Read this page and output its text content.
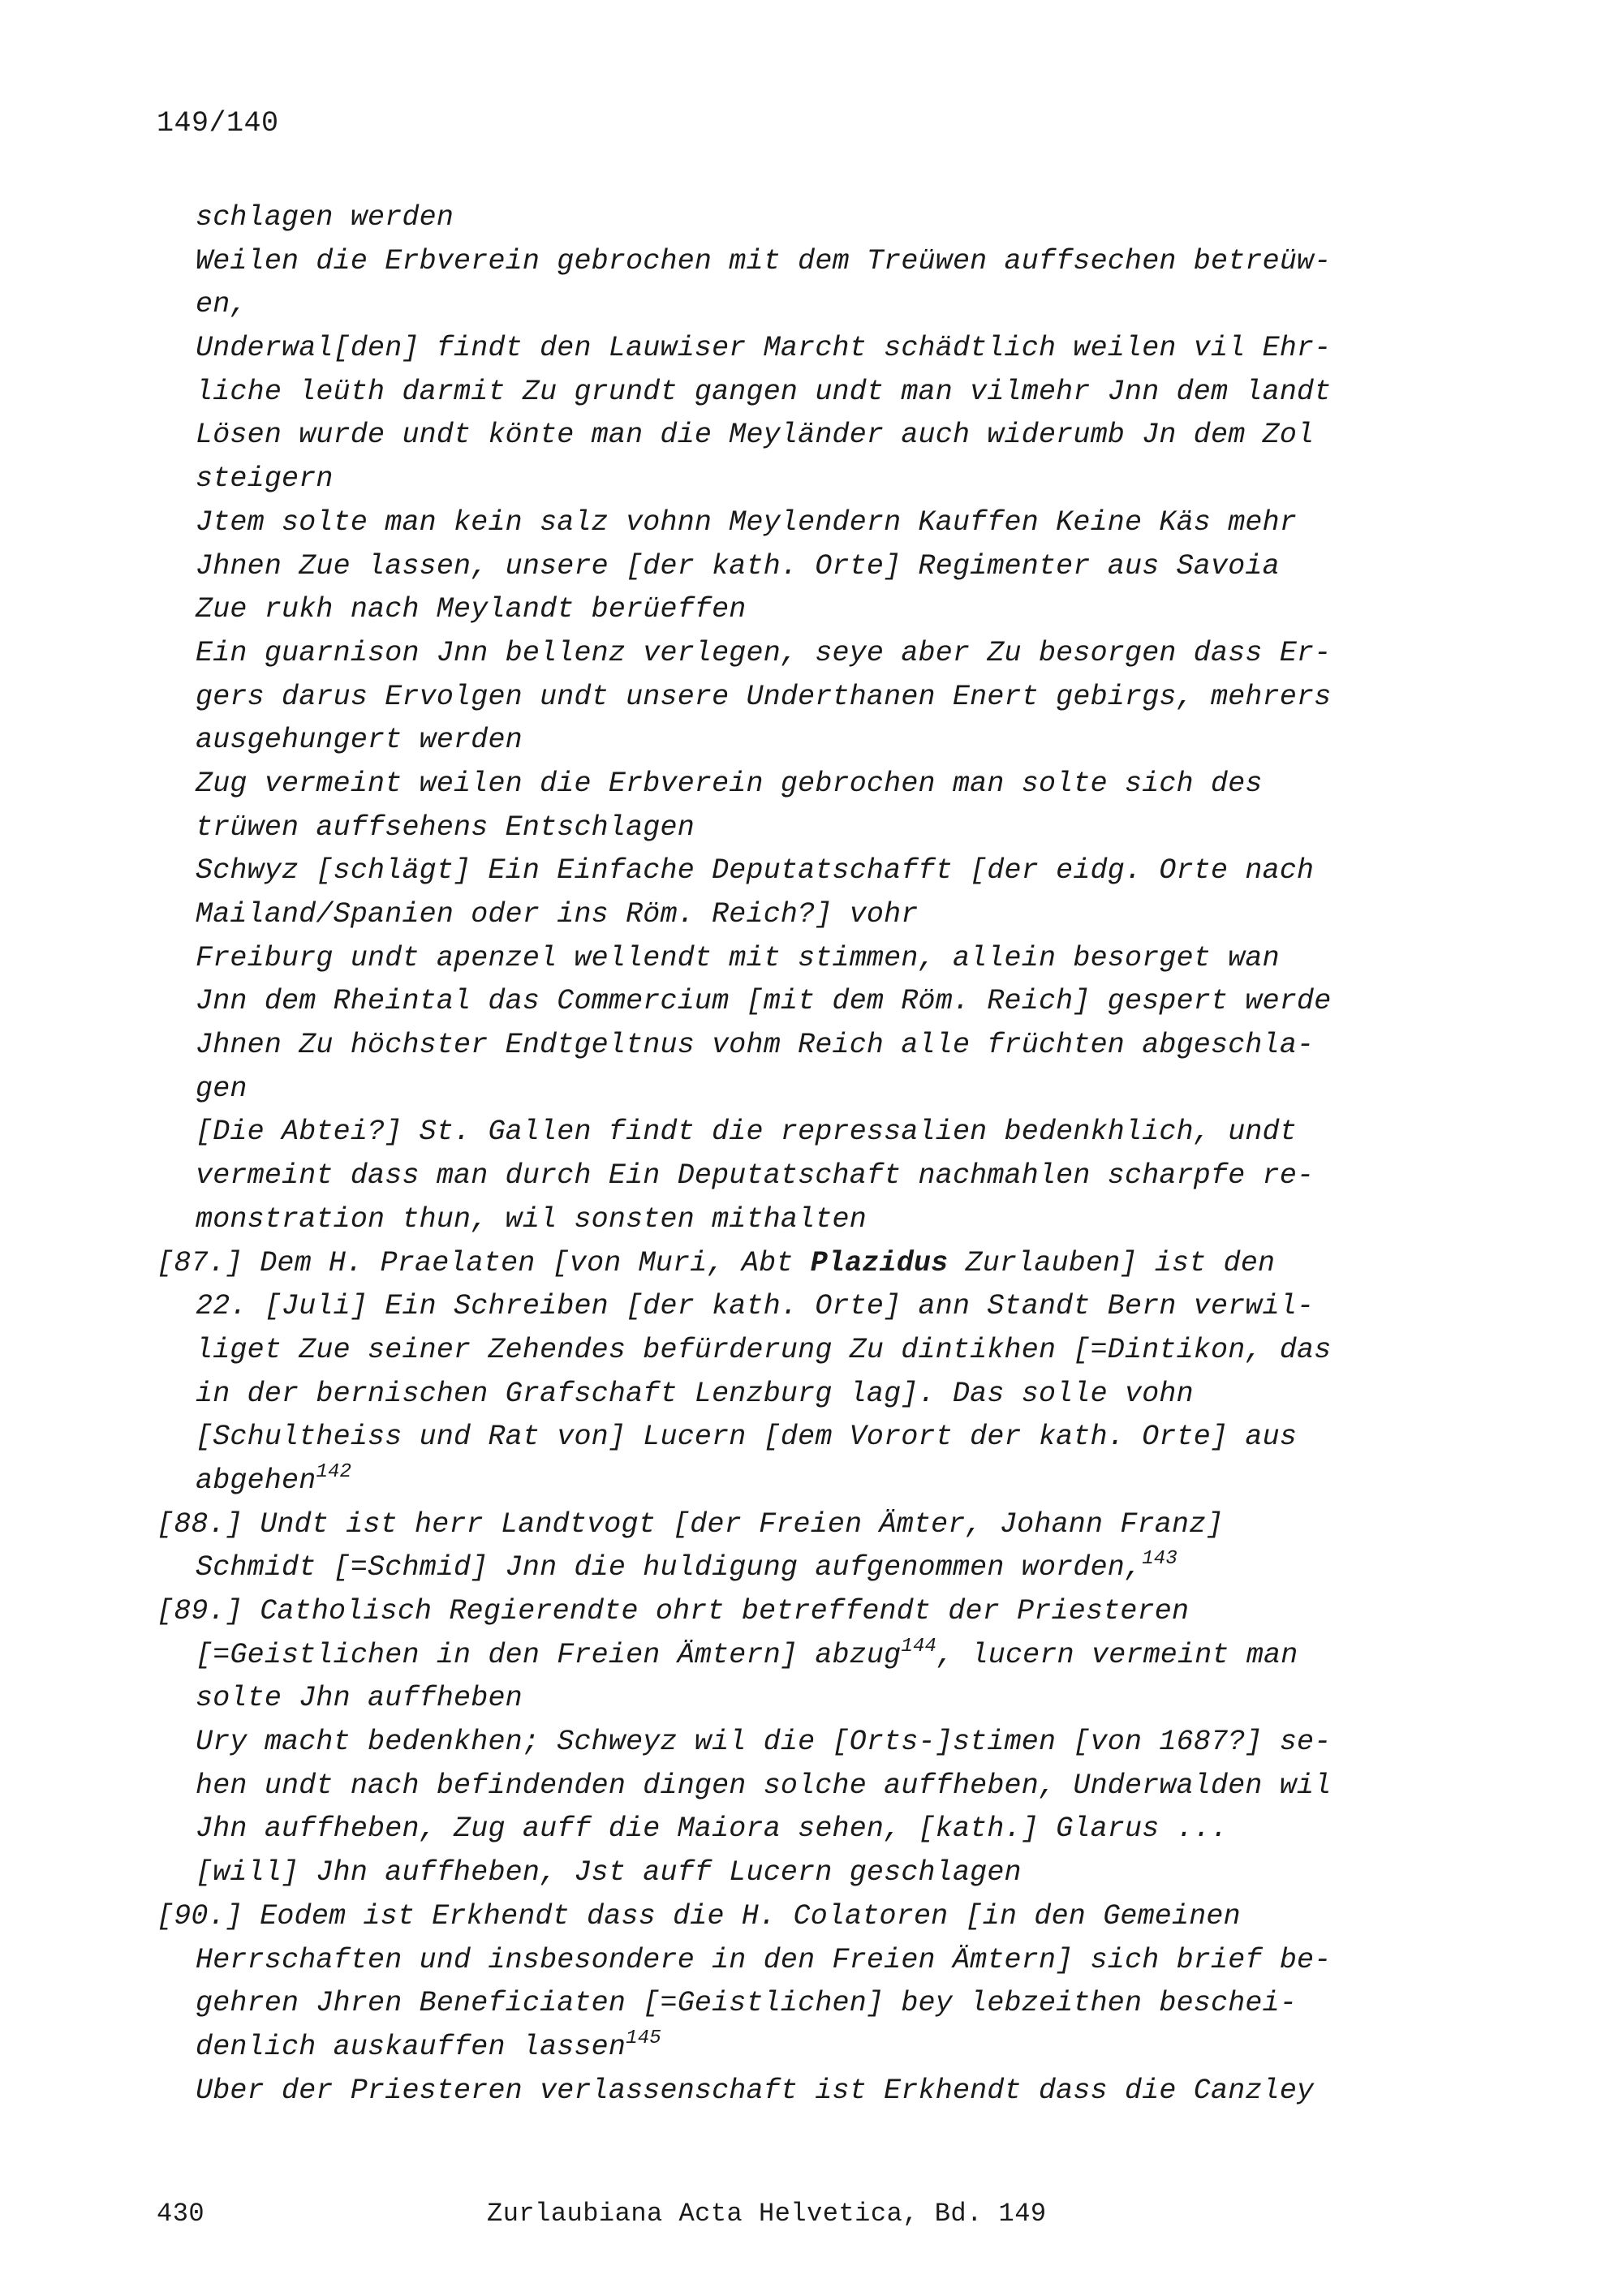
149/140
schlagen werden
Weilen die Erbverein gebrochen mit dem Treüwen auffsechen betreüw-
en,
Underwal[den] findt den Lauwiser Marcht schädtlich weilen vil Ehr-
liche leüth darmit Zu grundt gangen undt man vilmehr Jnn dem landt
Lösen wurde undt könte man die Meyländer auch widerumb Jn dem Zol
steigern
Jtem solte man kein salz vohnn Meylendern Kauffen Keine Käs mehr
Jhnen Zue lassen, unsere [der kath. Orte] Regimenter aus Savoia
Zue rukh nach Meylandt berüeffen
Ein guarnison Jnn bellenz verlegen, seye aber Zu besorgen dass Er-
gers darus Ervolgen undt unsere Underthanen Enert gebirgs, mehrers
ausgehungert werden
Zug vermeint weilen die Erbverein gebrochen man solte sich des
trüwen auffsehens Entschlagen
Schwyz [schlägt] Ein Einfache Deputatschafft [der eidg. Orte nach
Mailand/Spanien oder ins Röm. Reich?] vohr
Freiburg undt apenzel wellendt mit stimmen, allein besorget wan
Jnn dem Rheintal das Commercium [mit dem Röm. Reich] gespert werde
Jhnen Zu höchster Endtgeltnus vohm Reich alle früchten abgeschla-
gen
[Die Abtei?] St. Gallen findt die repressalien bedenkhlich, undt
vermeint dass man durch Ein Deputatschaft nachmahlen scharpfe re-
monstration thun, wil sonsten mithalten
[87.] Dem H. Praelaten [von Muri, Abt Plazidus Zurlauben] ist den
22. [Juli] Ein Schreiben [der kath. Orte] ann Standt Bern verwil-
liget Zue seiner Zehendes befürderung Zu dintikhen [=Dintikon, das
in der bernischen Grafschaft Lenzburg lag]. Das solle vohn
[Schultheiss und Rat von] Lucern [dem Vorort der kath. Orte] aus
abgehen$^{142}$
[88.] Undt ist herr Landtvogt [der Freien Ämter, Johann Franz]
Schmidt [=Schmid] Jnn die huldigung aufgenommen worden,$^{143}$
[89.] Catholisch Regierendte ohrt betreffendt der Priesteren
[=Geistlichen in den Freien Ämtern] abzug$^{144}$, lucern vermeint man
solte Jhn auffheben
Ury macht bedenkhen; Schweyz wil die [Orts-]stimen [von 1687?] se-
hen undt nach befindenden dingen solche auffheben, Underwalden wil
Jhn auffheben, Zug auff die Maiora sehen, [kath.] Glarus ...
[will] Jhn auffheben, Jst auff Lucern geschlagen
[90.] Eodem ist Erkhendt dass die H. Colatoren [in den Gemeinen
Herrschaften und insbesondere in den Freien Ämtern] sich brief be-
gehren Jhren Beneficiaten [=Geistlichen] bey lebzeithen beschei-
denlich auskauffen lassen$^{145}$
Uber der Priesteren verlassenschaft ist Erkhendt dass die Canzley
430	Zurlaubiana Acta Helvetica, Bd. 149
